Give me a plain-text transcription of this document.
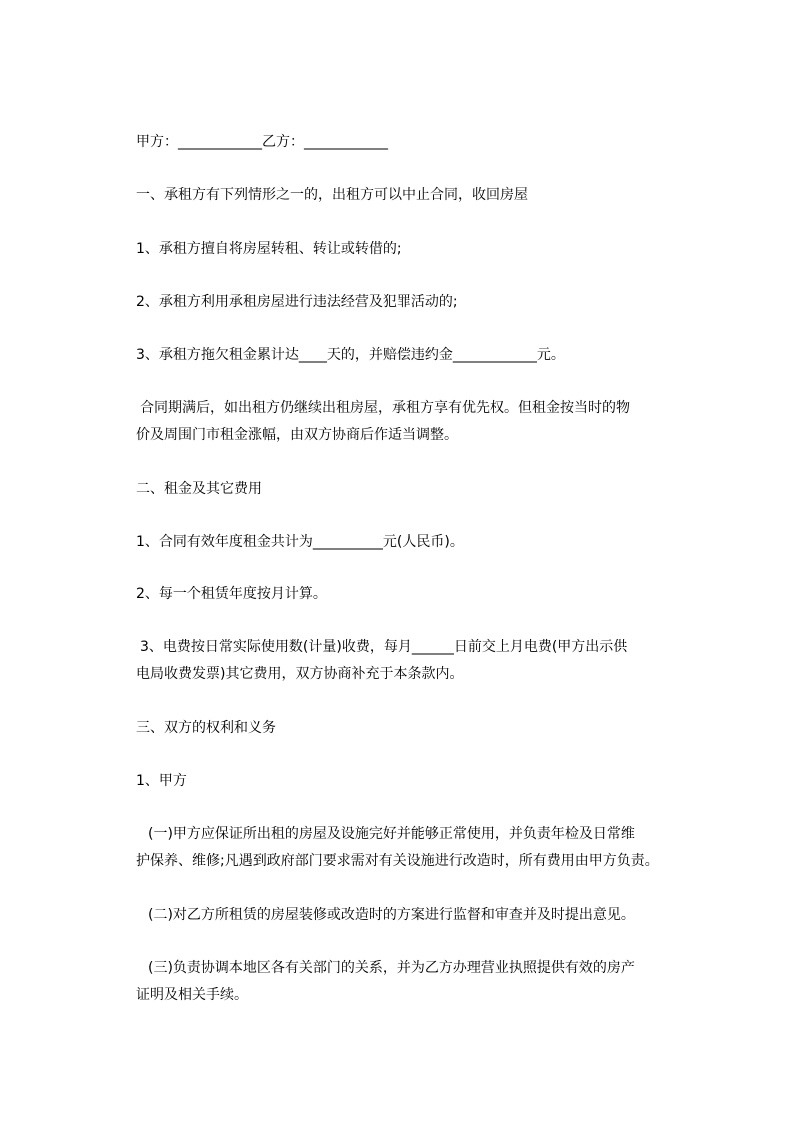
甲方：____________乙方：____________
一、承租方有下列情形之一的，出租方可以中止合同，收回房屋
1、承租方擅自将房屋转租、转让或转借的;
2、承租方利用承租房屋进行违法经营及犯罪活动的;
3、承租方拖欠租金累计达____天的，并赔偿违约金____________元。
合同期满后，如出租方仍继续出租房屋，承租方享有优先权。但租金按当时的物
价及周围门市租金涨幅，由双方协商后作适当调整。
二、租金及其它费用
1、合同有效年度租金共计为__________元(人民币)。
2、每一个租赁年度按月计算。
3、电费按日常实际使用数(计量)收费，每月______日前交上月电费(甲方出示供
电局收费发票)其它费用，双方协商补充于本条款内。
三、双方的权利和义务
1、甲方
(一)甲方应保证所出租的房屋及设施完好并能够正常使用，并负责年检及日常维
护保养、维修;凡遇到政府部门要求需对有关设施进行改造时，所有费用由甲方负责。
(二)对乙方所租赁的房屋装修或改造时的方案进行监督和审查并及时提出意见。
(三)负责协调本地区各有关部门的关系，并为乙方办理营业执照提供有效的房产
证明及相关手续。
